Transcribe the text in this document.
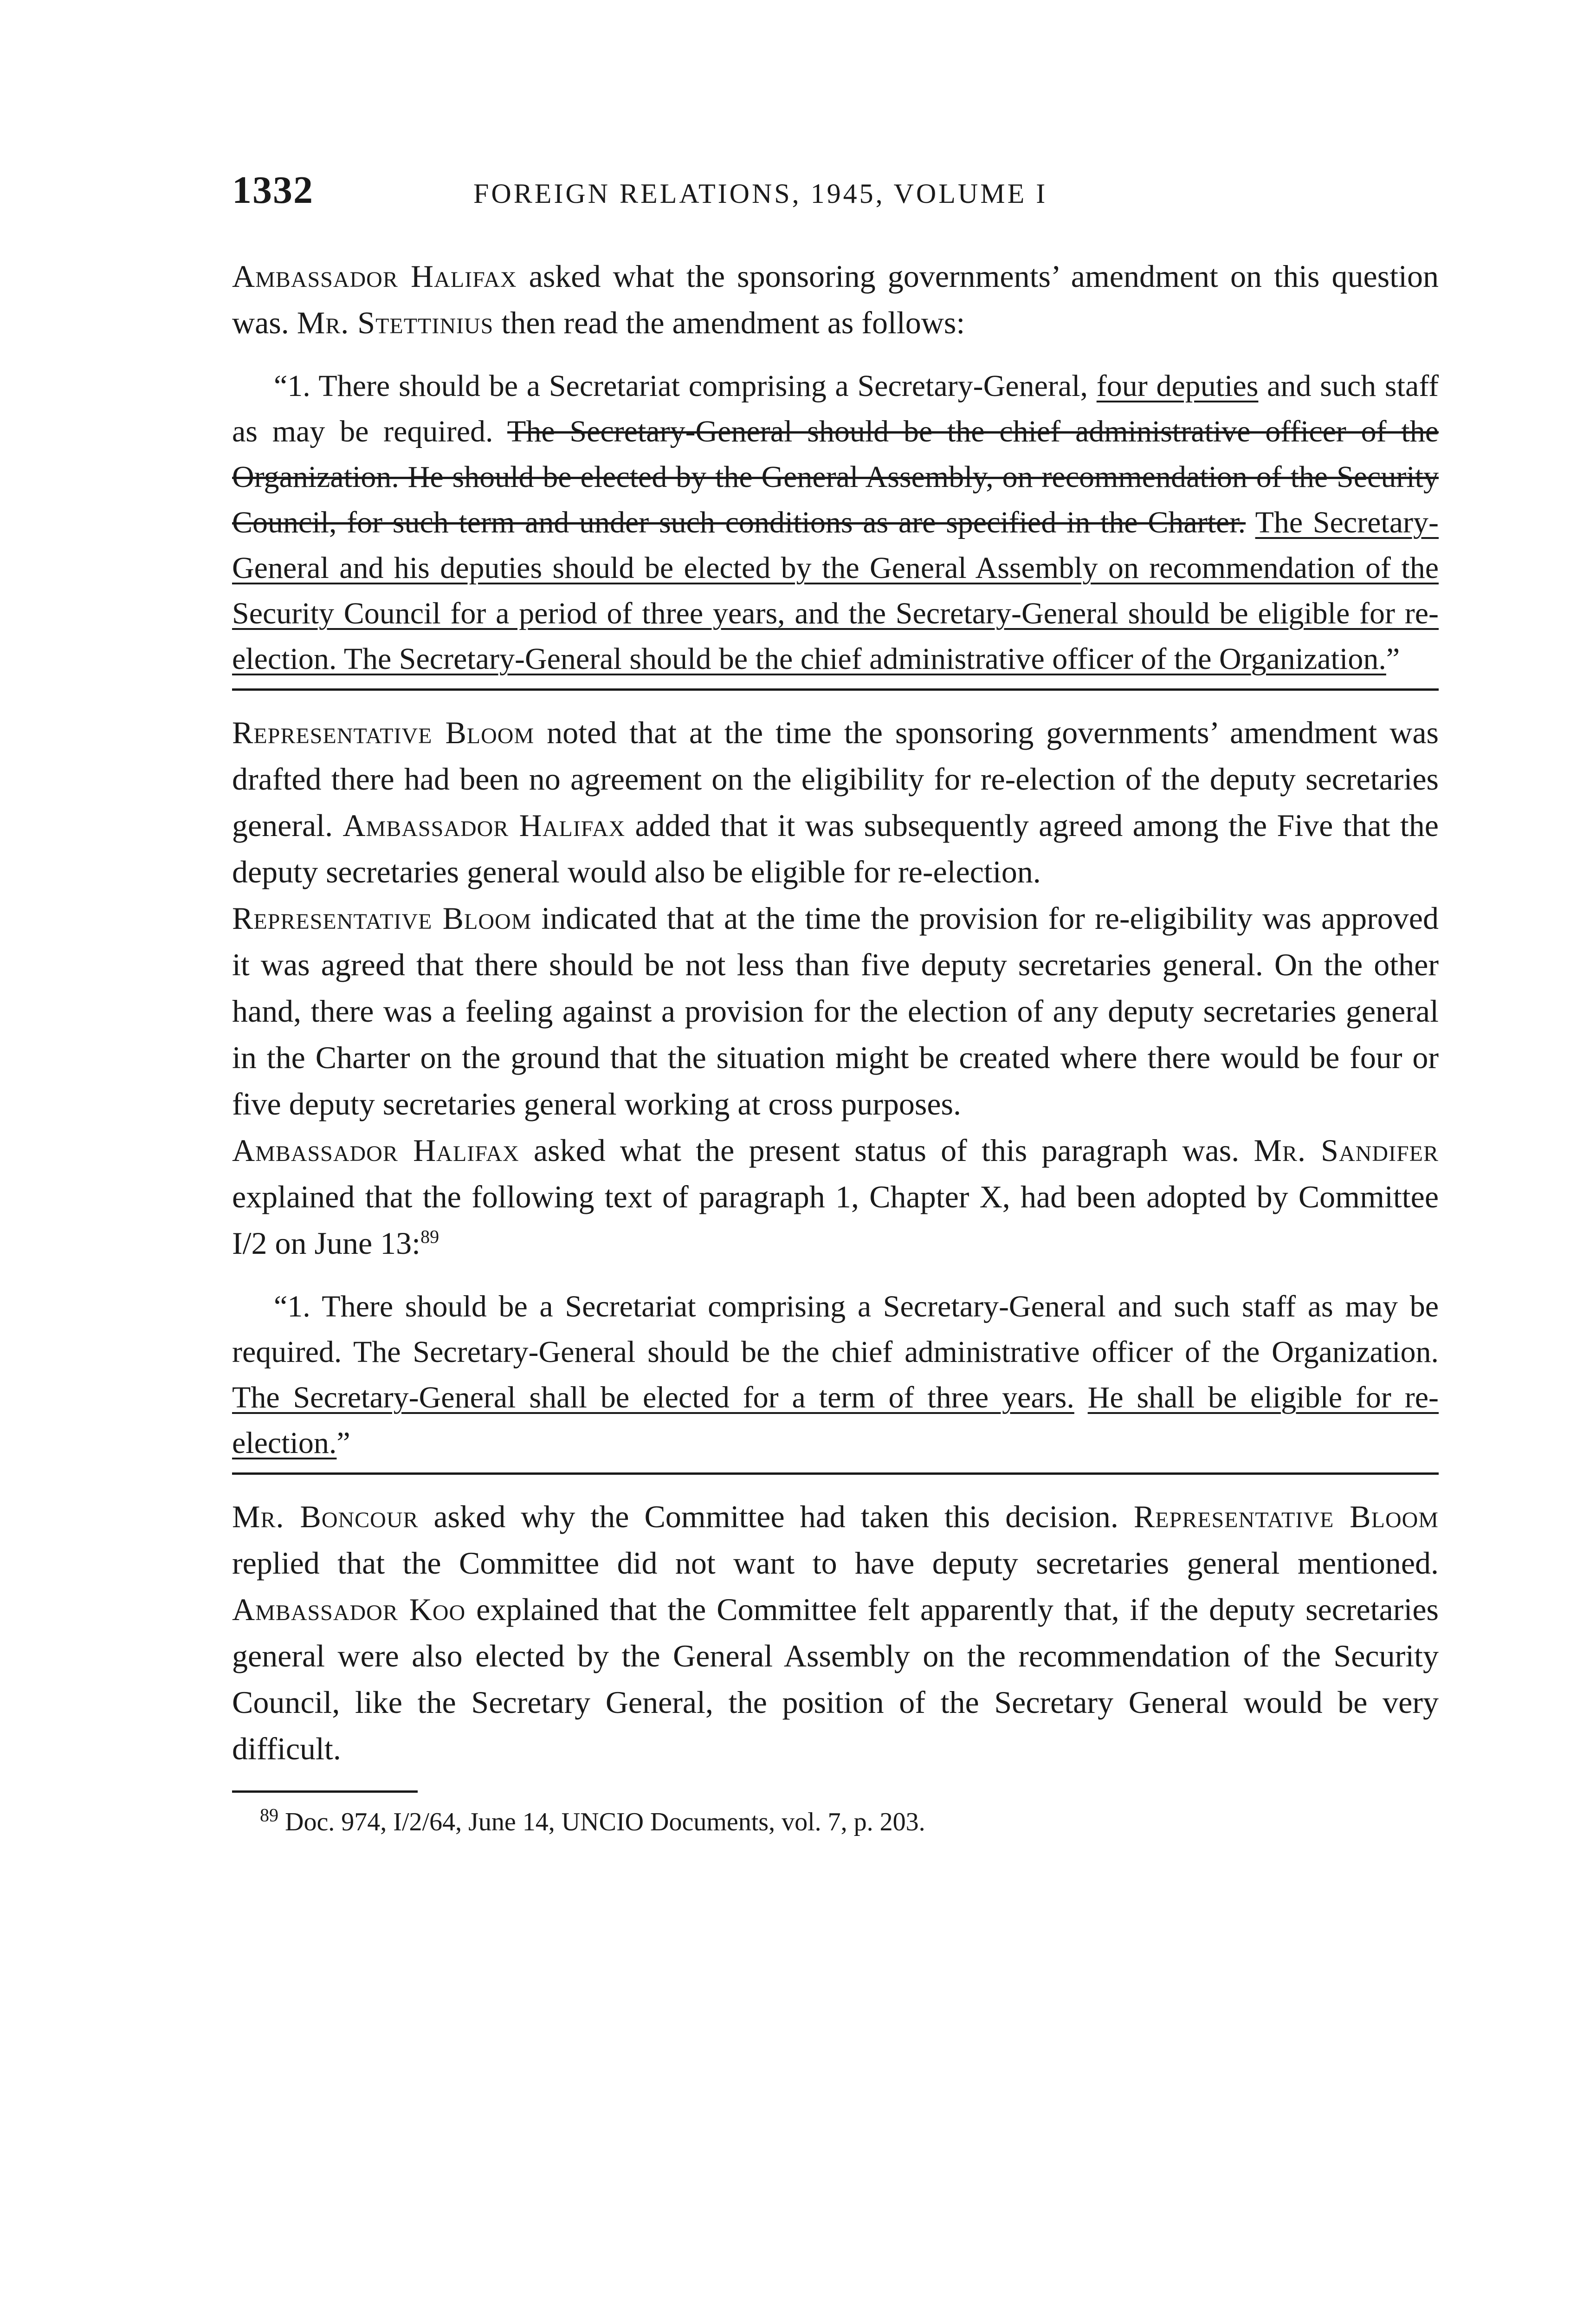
1332	FOREIGN RELATIONS, 1945, VOLUME I

Ambassador Halifax asked what the sponsoring governments’ amendment on this question was. Mr. Stettinius then read the amendment as follows:

“1. There should be a Secretariat comprising a Secretary-General, four deputies and such staff as may be required. The Secretary-General should be the chief administrative officer of the Organization. He should be elected by the General Assembly, on recommendation of the Security Council, for such term and under such conditions as are specified in the Charter. The Secretary-General and his deputies should be elected by the General Assembly on recommendation of the Security Council for a period of three years, and the Secretary-General should be eligible for re-election. The Secretary-General should be the chief administrative officer of the Organization.”

Representative Bloom noted that at the time the sponsoring governments’ amendment was drafted there had been no agreement on the eligibility for re-election of the deputy secretaries general. Ambassador Halifax added that it was subsequently agreed among the Five that the deputy secretaries general would also be eligible for re-election.

Representative Bloom indicated that at the time the provision for re-eligibility was approved it was agreed that there should be not less than five deputy secretaries general. On the other hand, there was a feeling against a provision for the election of any deputy secretaries general in the Charter on the ground that the situation might be created where there would be four or five deputy secretaries general working at cross purposes.

Ambassador Halifax asked what the present status of this paragraph was. Mr. Sandifer explained that the following text of paragraph 1, Chapter X, had been adopted by Committee I/2 on June 13:$^{89}$

“1. There should be a Secretariat comprising a Secretary-General and such staff as may be required. The Secretary-General should be the chief administrative officer of the Organization. The Secretary-General shall be elected for a term of three years. He shall be eligible for re-election.”

Mr. Boncour asked why the Committee had taken this decision. Representative Bloom replied that the Committee did not want to have deputy secretaries general mentioned. Ambassador Koo explained that the Committee felt apparently that, if the deputy secretaries general were also elected by the General Assembly on the recommendation of the Security Council, like the Secretary General, the position of the Secretary General would be very difficult.

$^{89}$ Doc. 974, I/2/64, June 14, UNCIO Documents, vol. 7, p. 203.
